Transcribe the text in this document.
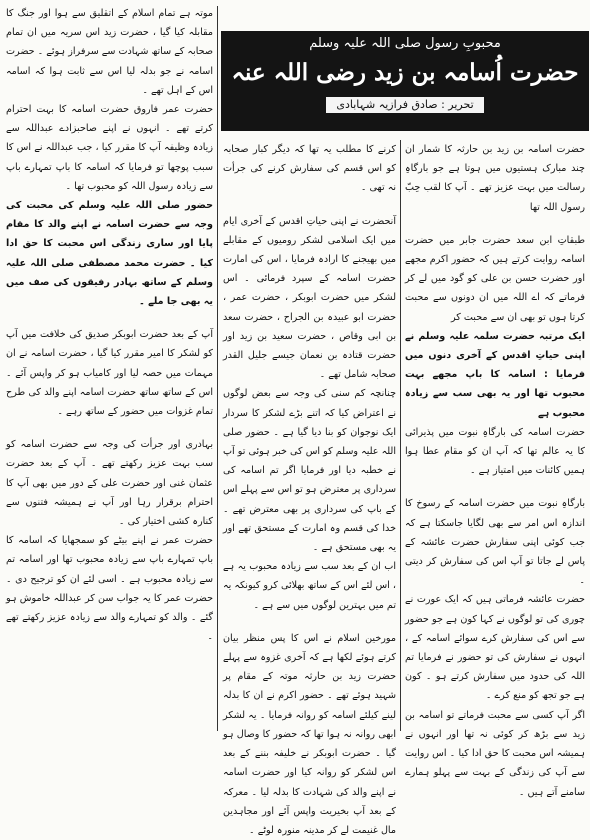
محبوبِ رسول صلی اللہ علیہ وسلم
حضرت اُسامہ بن زید رضی اللہ عنہ
تحریر : صادق فرازیہ شہابادی

حضرت اسامہ بن زید بن حارثہ کا شمار ان چند مبارک ہستیوں میں ہوتا ہے جو بارگاہِ رسالت میں بہت عزیز تھے ۔ آپ کا لقب حِبّ رسول اللہ تھا

طبقاتِ ابن سعد حضرت جابر میں حضرت اسامہ روایت کرتے ہیں کہ حضور اکرم مجھے اور حضرت حسن بن علی کو گود میں لے کر فرماتے کہ اے اللہ میں ان دونوں سے محبت کرتا ہوں تو بھی ان سے محبت کر

ایک مرتبہ حضرت سلمہ علیہ وسلم نے اپنی حیاتِ اقدس کے آخری دنوں میں فرمایا : اسامہ کا باپ مجھے بہت محبوب تھا اور یہ بھی سب سے زیادہ محبوب ہے

حضرت اسامہ کی بارگاہِ نبوت میں پذیرائی کا یہ عالم تھا کہ آپ ان کو مقام عطا ہوا ہمیں کائنات میں امتیاز ہے ۔

بارگاہِ نبوت میں حضرت اسامہ کے رسوخ کا اندازہ اس امر سے بھی لگایا جاسکتا ہے کہ جب کوئی اپنی سفارش حضرت عائشہ کے پاس لے جاتا تو آپ اس کی سفارش کر دیتی ۔

حضرت عائشہ فرماتی ہیں کہ ایک عورت نے چوری کی تو لوگوں نے کہا کون ہے جو حضور سے اس کی سفارش کرے سوائے اسامہ کے ، انہوں نے سفارش کی تو حضور نے فرمایا تم اللہ کی حدود میں سفارش کرتے ہو ۔ کون ہے جو تجھ کو منع کرے ۔

اگر آپ کسی سے محبت فرماتے تو اسامہ بن زید سے بڑھ کر کوئی نہ تھا اور انہوں نے ہمیشہ اس محبت کا حق ادا کیا ۔ اس روایت سے آپ کی زندگی کے بہت سے پہلو ہمارے سامنے آتے ہیں ۔

کرنے کا مطلب یہ تھا کہ دیگر کبار صحابہ کو اس قسم کی سفارش کرنے کی جرأت نہ تھی ۔

آنحضرت نے اپنی حیاتِ اقدس کے آخری ایام میں ایک اسلامی لشکر رومیوں کے مقابلے میں بھیجنے کا ارادہ فرمایا ، اس کی امارت حضرت اسامہ کے سپرد فرمائی ۔ اس لشکر میں حضرت ابوبکر ، حضرت عمر ، حضرت ابو عبیدہ بن الجراح ، حضرت سعد بن ابی وقاص ، حضرت سعید بن زید اور حضرت قتادہ بن نعمان جیسے جلیل القدر صحابہ شامل تھے ۔

چنانچہ کم سنی کی وجہ سے بعض لوگوں نے اعتراض کیا کہ اتنے بڑے لشکر کا سردار ایک نوجوان کو بنا دیا گیا ہے ۔ حضور صلی اللہ علیہ وسلم کو اس کی خبر ہوئی تو آپ نے خطبہ دیا اور فرمایا اگر تم اسامہ کی سرداری پر معترض ہو تو اس سے پہلے اس کے باپ کی سرداری پر بھی معترض تھے ۔ خدا کی قسم وہ امارت کے مستحق تھے اور یہ بھی مستحق ہے ۔

اب ان کے بعد سب سے زیادہ محبوب یہ ہے ، اس لئے اس کے ساتھ بھلائی کرو کیونکہ یہ تم میں بہترین لوگوں میں سے ہے ۔

مورخین اسلام نے اس کا پس منظر بیان کرتے ہوئے لکھا ہے کہ آخری غزوہ سے پہلے حضرت زید بن حارثہ موتہ کے مقام پر شہید ہوئے تھے ۔ حضور اکرم نے ان کا بدلہ لینے کیلئے اسامہ کو روانہ فرمایا ۔ یہ لشکر ابھی روانہ نہ ہوا تھا کہ حضور کا وصال ہو گیا ۔ حضرت ابوبکر نے خلیفہ بننے کے بعد اس لشکر کو روانہ کیا اور حضرت اسامہ نے اپنے والد کی شہادت کا بدلہ لیا ۔ معرکہ کے بعد آپ بخیریت واپس آئے اور مجاہدین مال غنیمت لے کر مدینہ منورہ لوٹے ۔

موتہ ہے تمام اسلام کے اتقلیق سے ہوا اور جنگ کا مقابلہ کیا گیا ، حضرت زید اس سریہ میں ان تمام صحابہ کے ساتھ شہادت سے سرفراز ہوئے ۔ حضرت اسامہ نے جو بدلہ لیا اس سے ثابت ہوا کہ اسامہ اس کے اہل تھے ۔

حضرت عمر فاروق حضرت اسامہ کا بہت احترام کرتے تھے ۔ انہوں نے اپنے صاحبزادے عبداللہ سے زیادہ وظیفہ آپ کا مقرر کیا ، جب عبداللہ نے اس کا سبب پوچھا تو فرمایا کہ اسامہ کا باپ تمہارے باپ سے زیادہ رسول اللہ کو محبوب تھا ۔

حضور صلی اللہ علیہ وسلم کی محبت کی وجہ سے حضرت اسامہ نے اپنے والد کا مقام پایا اور ساری زندگی اس محبت کا حق ادا کیا ۔ حضرت محمد مصطفی صلی اللہ علیہ وسلم کے ساتھ بہادر رفیقوں کی صف میں یہ بھی جا ملے ۔

آپ کے بعد حضرت ابوبکر صدیق کی خلافت میں آپ کو لشکر کا امیر مقرر کیا گیا ، حضرت اسامہ نے ان مہمات میں حصہ لیا اور کامیاب ہو کر واپس آئے ۔ اس کے ساتھ ساتھ حضرت اسامہ اپنے والد کی طرح تمام غزوات میں حضور کے ساتھ رہے ۔

بہادری اور جرأت کی وجہ سے حضرت اسامہ کو سب بہت عزیز رکھتے تھے ۔ آپ کے بعد حضرت عثمان غنی اور حضرت علی کے دور میں بھی آپ کا احترام برقرار رہا اور آپ نے ہمیشہ فتنوں سے کنارہ کشی اختیار کی ۔

حضرت عمر نے اپنے بیٹے کو سمجھایا کہ اسامہ کا باپ تمہارے باپ سے زیادہ محبوب تھا اور اسامہ تم سے زیادہ محبوب ہے ۔ اسی لئے ان کو ترجیح دی ۔ حضرت عمر کا یہ جواب سن کر عبداللہ خاموش ہو گئے ۔ والد کو تمہارے والد سے زیادہ عزیز رکھتے تھے ۔
